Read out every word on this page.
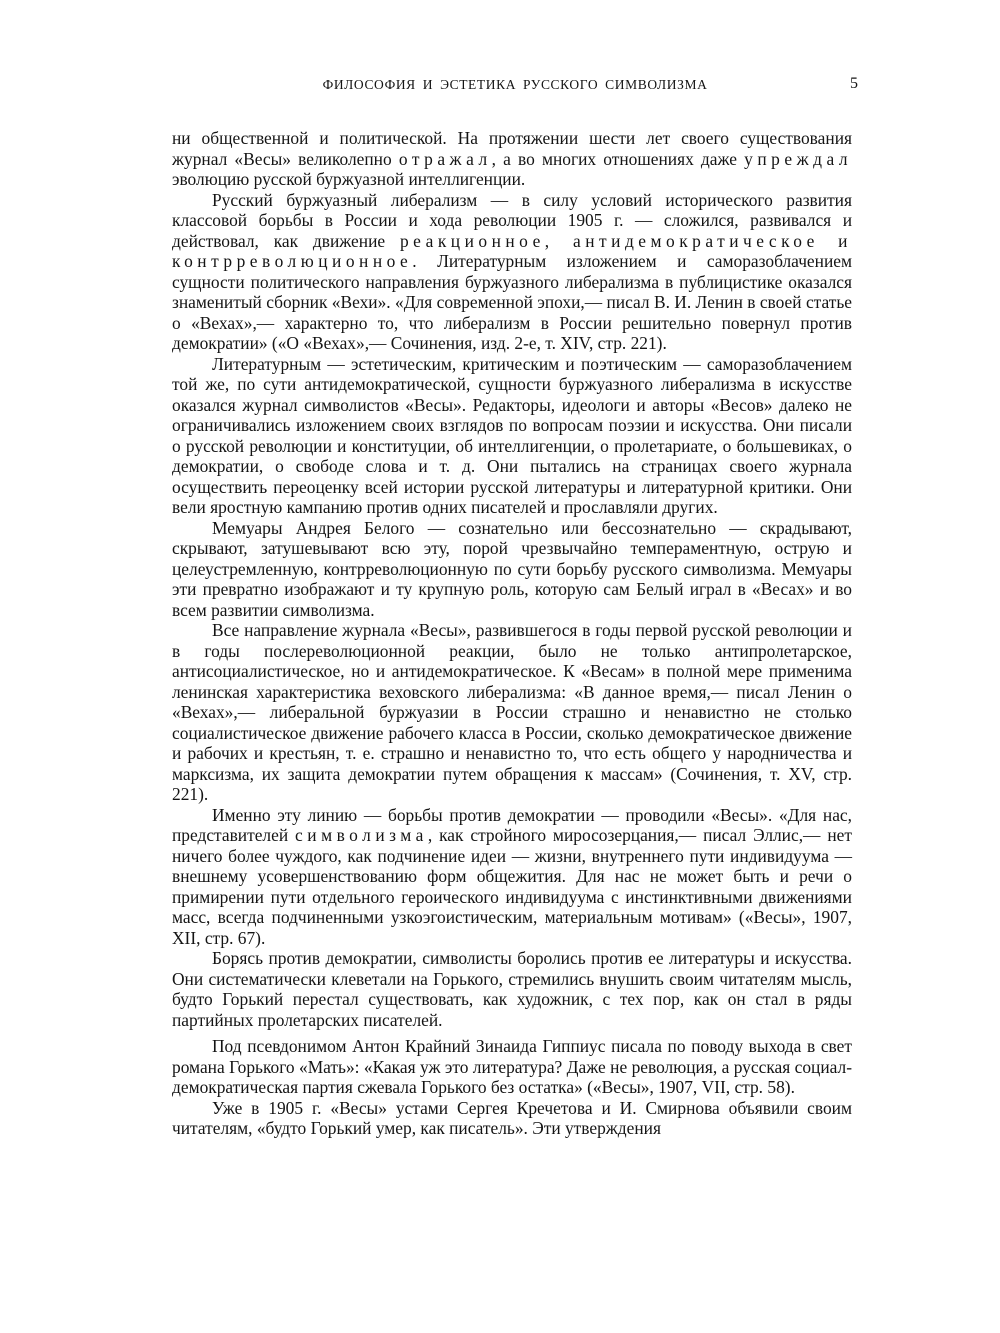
ФИЛОСОФИЯ И ЭСТЕТИКА РУССКОГО СИМВОЛИЗМА	5

ни общественной и политической. На протяжении шести лет своего существования журнал «Весы» великолепно отражал, а во многих отношениях даже упреждал эволюцию русской буржуазной интеллигенции.

Русский буржуазный либерализм — в силу условий исторического развития классовой борьбы в России и хода революции 1905 г. — сложился, развивался и действовал, как движение реакционное, антидемократическое и контрреволюционное. Литературным изложением и саморазоблачением сущности политического направления буржуазного либерализма в публицистике оказался знаменитый сборник «Вехи». «Для современной эпохи,— писал В. И. Ленин в своей статье о «Вехах»,— характерно то, что либерализм в России решительно повернул против демократии» («О «Вехах»,— Сочинения, изд. 2-е, т. XIV, стр. 221).

Литературным — эстетическим, критическим и поэтическим — саморазоблачением той же, по сути антидемократической, сущности буржуазного либерализма в искусстве оказался журнал символистов «Весы». Редакторы, идеологи и авторы «Весов» далеко не ограничивались изложением своих взглядов по вопросам поэзии и искусства. Они писали о русской революции и конституции, об интеллигенции, о пролетариате, о большевиках, о демократии, о свободе слова и т. д. Они пытались на страницах своего журнала осуществить переоценку всей истории русской литературы и литературной критики. Они вели яростную кампанию против одних писателей и прославляли других.

Мемуары Андрея Белого — сознательно или бессознательно — скрадывают, скрывают, затушевывают всю эту, порой чрезвычайно темпераментную, острую и целеустремленную, контрреволюционную по сути борьбу русского символизма. Мемуары эти превратно изображают и ту крупную роль, которую сам Белый играл в «Весах» и во всем развитии символизма.

Все направление журнала «Весы», развившегося в годы первой русской революции и в годы послереволюционной реакции, было не только антипролетарское, антисоциалистическое, но и антидемократическое. К «Весам» в полной мере применима ленинская характеристика веховского либерализма: «В данное время,— писал Ленин о «Вехах»,— либеральной буржуазии в России страшно и ненавистно не столько социалистическое движение рабочего класса в России, сколько демократическое движение и рабочих и крестьян, т. е. страшно и ненавистно то, что есть общего у народничества и марксизма, их защита демократии путем обращения к массам» (Сочинения, т. XV, стр. 221).

Именно эту линию — борьбы против демократии — проводили «Весы». «Для нас, представителей символизма, как стройного миросозерцания,— писал Эллис,— нет ничего более чуждого, как подчинение идеи — жизни, внутреннего пути индивидуума — внешнему усовершенствованию форм общежития. Для нас не может быть и речи о примирении пути отдельного героического индивидуума с инстинктивными движениями масс, всегда подчиненными узкоэгоистическим, материальным мотивам» («Весы», 1907, XII, стр. 67).

Борясь против демократии, символисты боролись против ее литературы и искусства. Они систематически клеветали на Горького, стремились внушить своим читателям мысль, будто Горький перестал существовать, как художник, с тех пор, как он стал в ряды партийных пролетарских писателей.

Под псевдонимом Антон Крайний Зинаида Гиппиус писала по поводу выхода в свет романа Горького «Мать»: «Какая уж это литература? Даже не революция, а русская социал-демократическая партия сжевала Горького без остатка» («Весы», 1907, VII, стр. 58).

Уже в 1905 г. «Весы» устами Сергея Кречетова и И. Смирнова объявили своим читателям, «будто Горький умер, как писатель». Эти утверждения
